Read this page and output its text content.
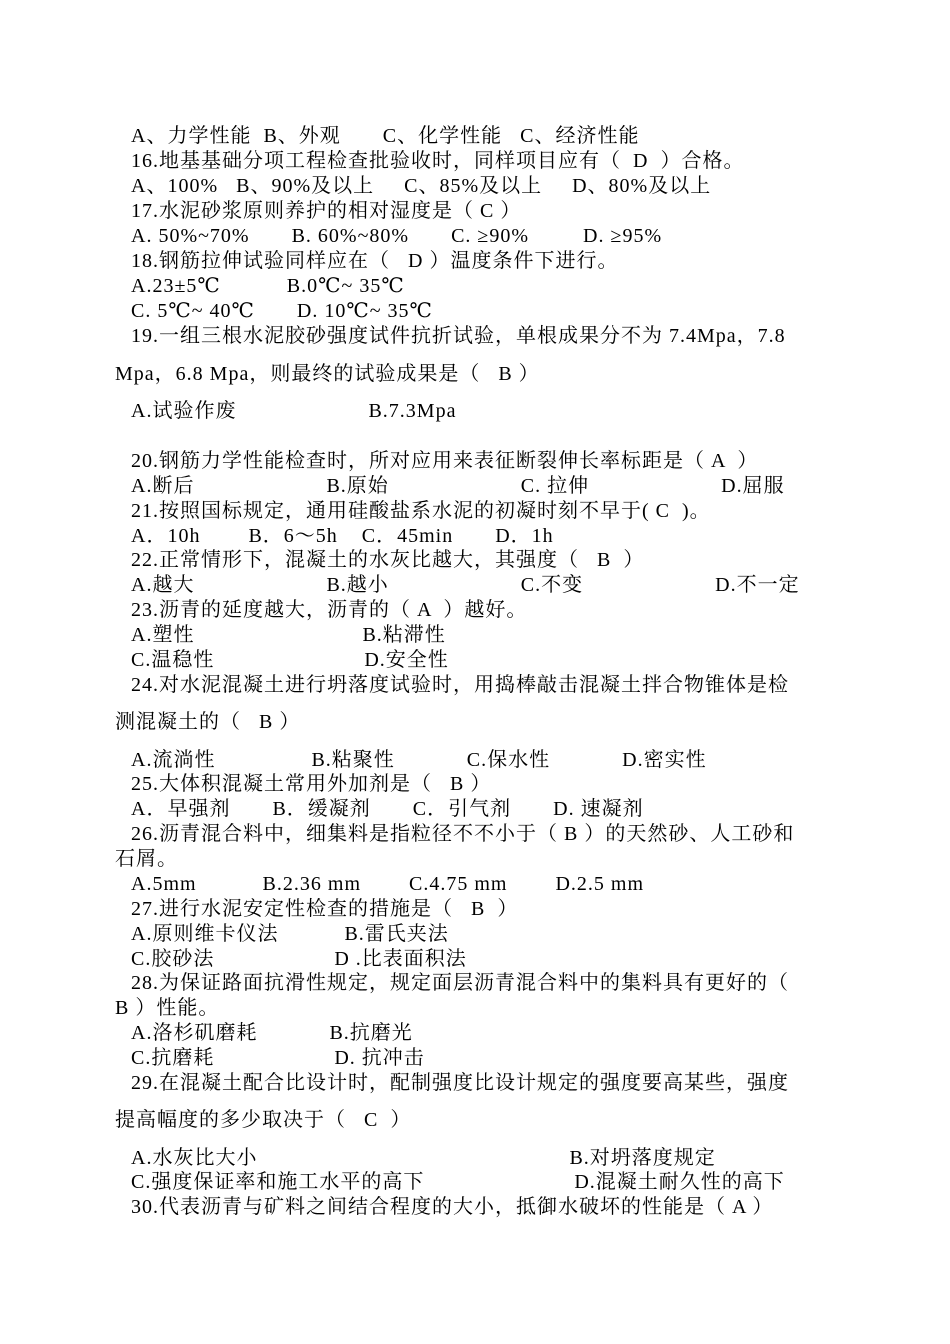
A、力学性能  B、外观       C、化学性能   C、经济性能
16.地基基础分项工程检查批验收时，同样项目应有（  D  ）合格。
A、100%   B、90%及以上     C、85%及以上     D、80%及以上
17.水泥砂浆原则养护的相对湿度是（ C ）
A. 50%~70%       B. 60%~80%       C. ≥90%         D. ≥95%
18.钢筋拉伸试验同样应在（   D ）温度条件下进行。
A.23±5℃           B.0℃~ 35℃
C. 5℃~ 40℃       D. 10℃~ 35℃
19.一组三根水泥胶砂强度试件抗折试验，单根成果分不为 7.4Mpa，7.8
Mpa，6.8 Mpa，则最终的试验成果是（   B ）
A.试验作废                      B.7.3Mpa
20.钢筋力学性能检查时，所对应用来表征断裂伸长率标距是（ A  ）
A.断后                      B.原始                      C. 拉伸                      D.屈服
21.按照国标规定，通用硅酸盐系水泥的初凝时刻不早于( C  )。
A．10h        B．6～5h    C．45min       D．1h
22.正常情形下，混凝土的水灰比越大，其强度（   B  ）
A.越大                      B.越小                      C.不变                      D.不一定
23.沥青的延度越大，沥青的（ A  ）越好。
A.塑性                            B.粘滞性
C.温稳性                         D.安全性
24.对水泥混凝土进行坍落度试验时，用捣棒敲击混凝土拌合物锥体是检
测混凝土的（   B ）
A.流淌性                B.粘聚性            C.保水性            D.密实性
25.大体积混凝土常用外加剂是（   B ）
A．早强剂       B．缓凝剂       C．引气剂       D. 速凝剂
26.沥青混合料中，细集料是指粒径不不小于（ B ）的天然砂、人工砂和
石屑。
A.5mm           B.2.36 mm        C.4.75 mm        D.2.5 mm
27.进行水泥安定性检查的措施是（   B  ）
A.原则维卡仪法           B.雷氏夹法
C.胶砂法                    D .比表面积法
28.为保证路面抗滑性规定，规定面层沥青混合料中的集料具有更好的（
B ）性能。
A.洛杉矶磨耗            B.抗磨光
C.抗磨耗                    D. 抗冲击
29.在混凝土配合比设计时，配制强度比设计规定的强度要高某些，强度
提高幅度的多少取决于（   C  ）
A.水灰比大小                                                    B.对坍落度规定
C.强度保证率和施工水平的高下                         D.混凝土耐久性的高下
30.代表沥青与矿料之间结合程度的大小，抵御水破坏的性能是（ A ）
